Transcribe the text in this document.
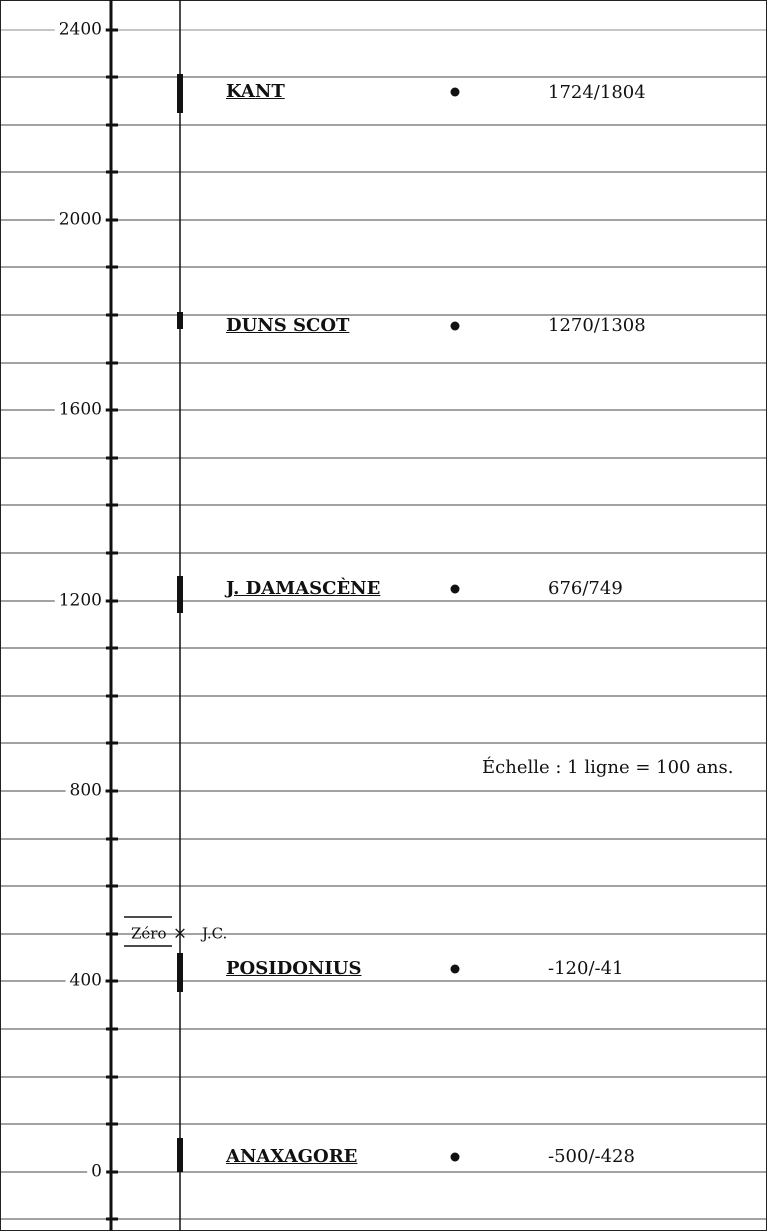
2400
2000
1600
1200
800
400
0
KANT	1724/1804
DUNS SCOT	1270/1308
J. DAMASCÈNE	676/749
POSIDONIUS	-120/-41
ANAXAGORE	-500/-428
Échelle : 1 ligne = 100 ans.
Zéro × J.C.
